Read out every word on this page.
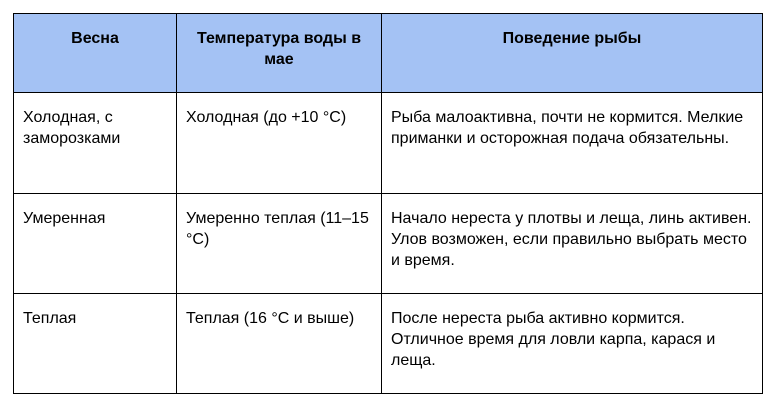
Весна	Температура воды в мае	Поведение рыбы
Холодная, с заморозками	Холодная (до +10 °C)	Рыба малоактивна, почти не кормится. Мелкие приманки и осторожная подача обязательны.
Умеренная	Умеренно теплая (11–15 °C)	Начало нереста у плотвы и леща, линь активен. Улов возможен, если правильно выбрать место и время.
Теплая	Теплая (16 °C и выше)	После нереста рыба активно кормится. Отличное время для ловли карпа, карася и леща.
